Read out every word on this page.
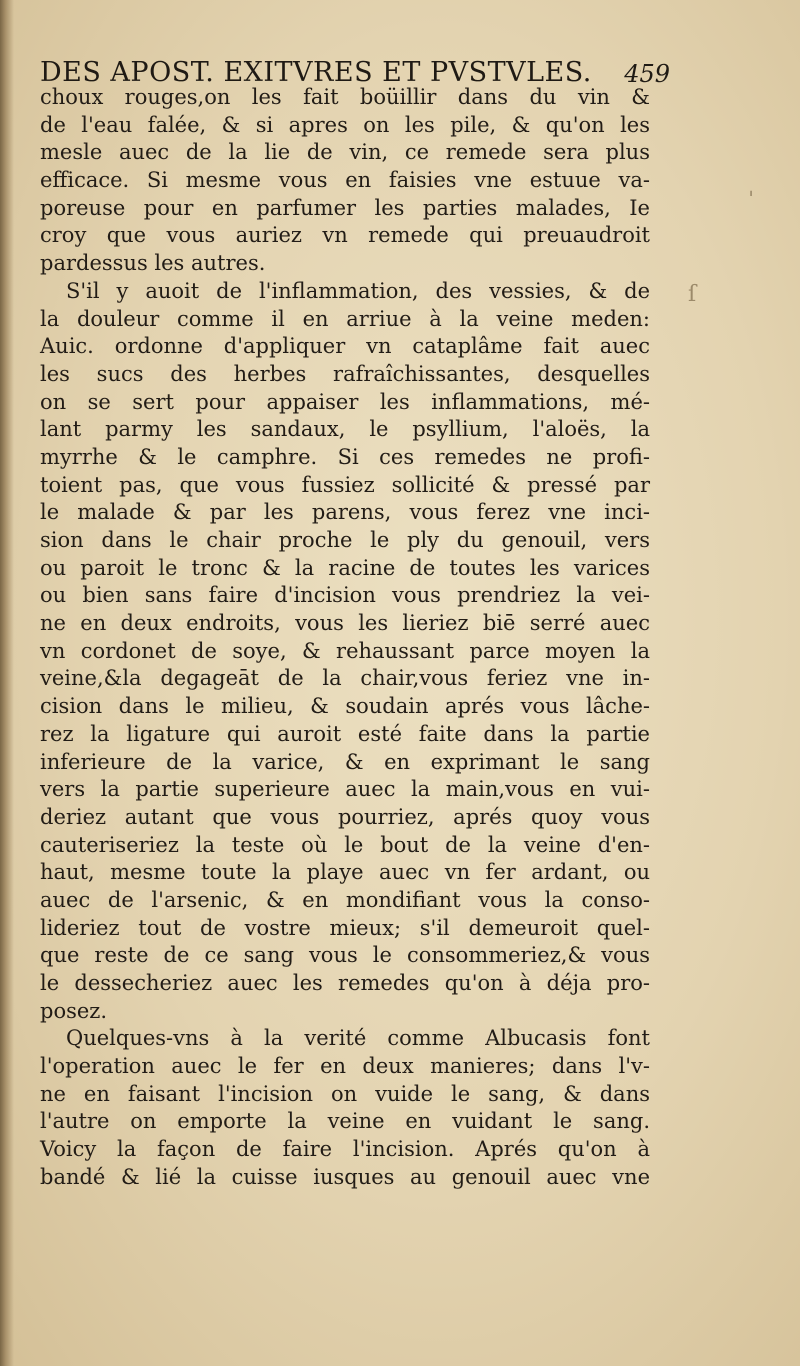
DES APOST. EXITVRES ET PVSTVLES. 459
choux rouges,on les fait boüillir dans du vin &
de l'eau falée, & si apres on les pile, & qu'on les
mesle auec de la lie de vin, ce remede sera plus
efficace. Si mesme vous en faisies vne estuue va-
poreuse pour en parfumer les parties malades, Ie
croy que vous auriez vn remede qui preuaudroit
pardessus les autres.
S'il y auoit de l'inflammation, des vessies, & de
la douleur comme il en arriue à la veine meden:
Auic. ordonne d'appliquer vn cataplâme fait auec
les sucs des herbes rafraîchissantes, desquelles
on se sert pour appaiser les inflammations, mé-
lant parmy les sandaux, le psyllium, l'aloës, la
myrrhe & le camphre. Si ces remedes ne profi-
toient pas, que vous fussiez sollicité & pressé par
le malade & par les parens, vous ferez vne inci-
sion dans le chair proche le ply du genouil, vers
ou paroit le tronc & la racine de toutes les varices
ou bien sans faire d'incision vous prendriez la vei-
ne en deux endroits, vous les lieriez biē serré auec
vn cordonet de soye, & rehaussant parce moyen la
veine,&la degageāt de la chair,vous feriez vne in-
cision dans le milieu, & soudain aprés vous lâche-
rez la ligature qui auroit esté faite dans la partie
inferieure de la varice, & en exprimant le sang
vers la partie superieure auec la main,vous en vui-
deriez autant que vous pourriez, aprés quoy vous
cauteriseriez la teste où le bout de la veine d'en-
haut, mesme toute la playe auec vn fer ardant, ou
auec de l'arsenic, & en mondifiant vous la conso-
lideriez tout de vostre mieux; s'il demeuroit quel-
que reste de ce sang vous le consommeriez,& vous
le dessecheriez auec les remedes qu'on à déja pro-
posez.
Quelques-vns à la verité comme Albucasis font
l'operation auec le fer en deux manieres; dans l'v-
ne en faisant l'incision on vuide le sang, & dans
l'autre on emporte la veine en vuidant le sang.
Voicy la façon de faire l'incision. Aprés qu'on à
bandé & lié la cuisse iusques au genouil auec vne
ˌ
ſ
